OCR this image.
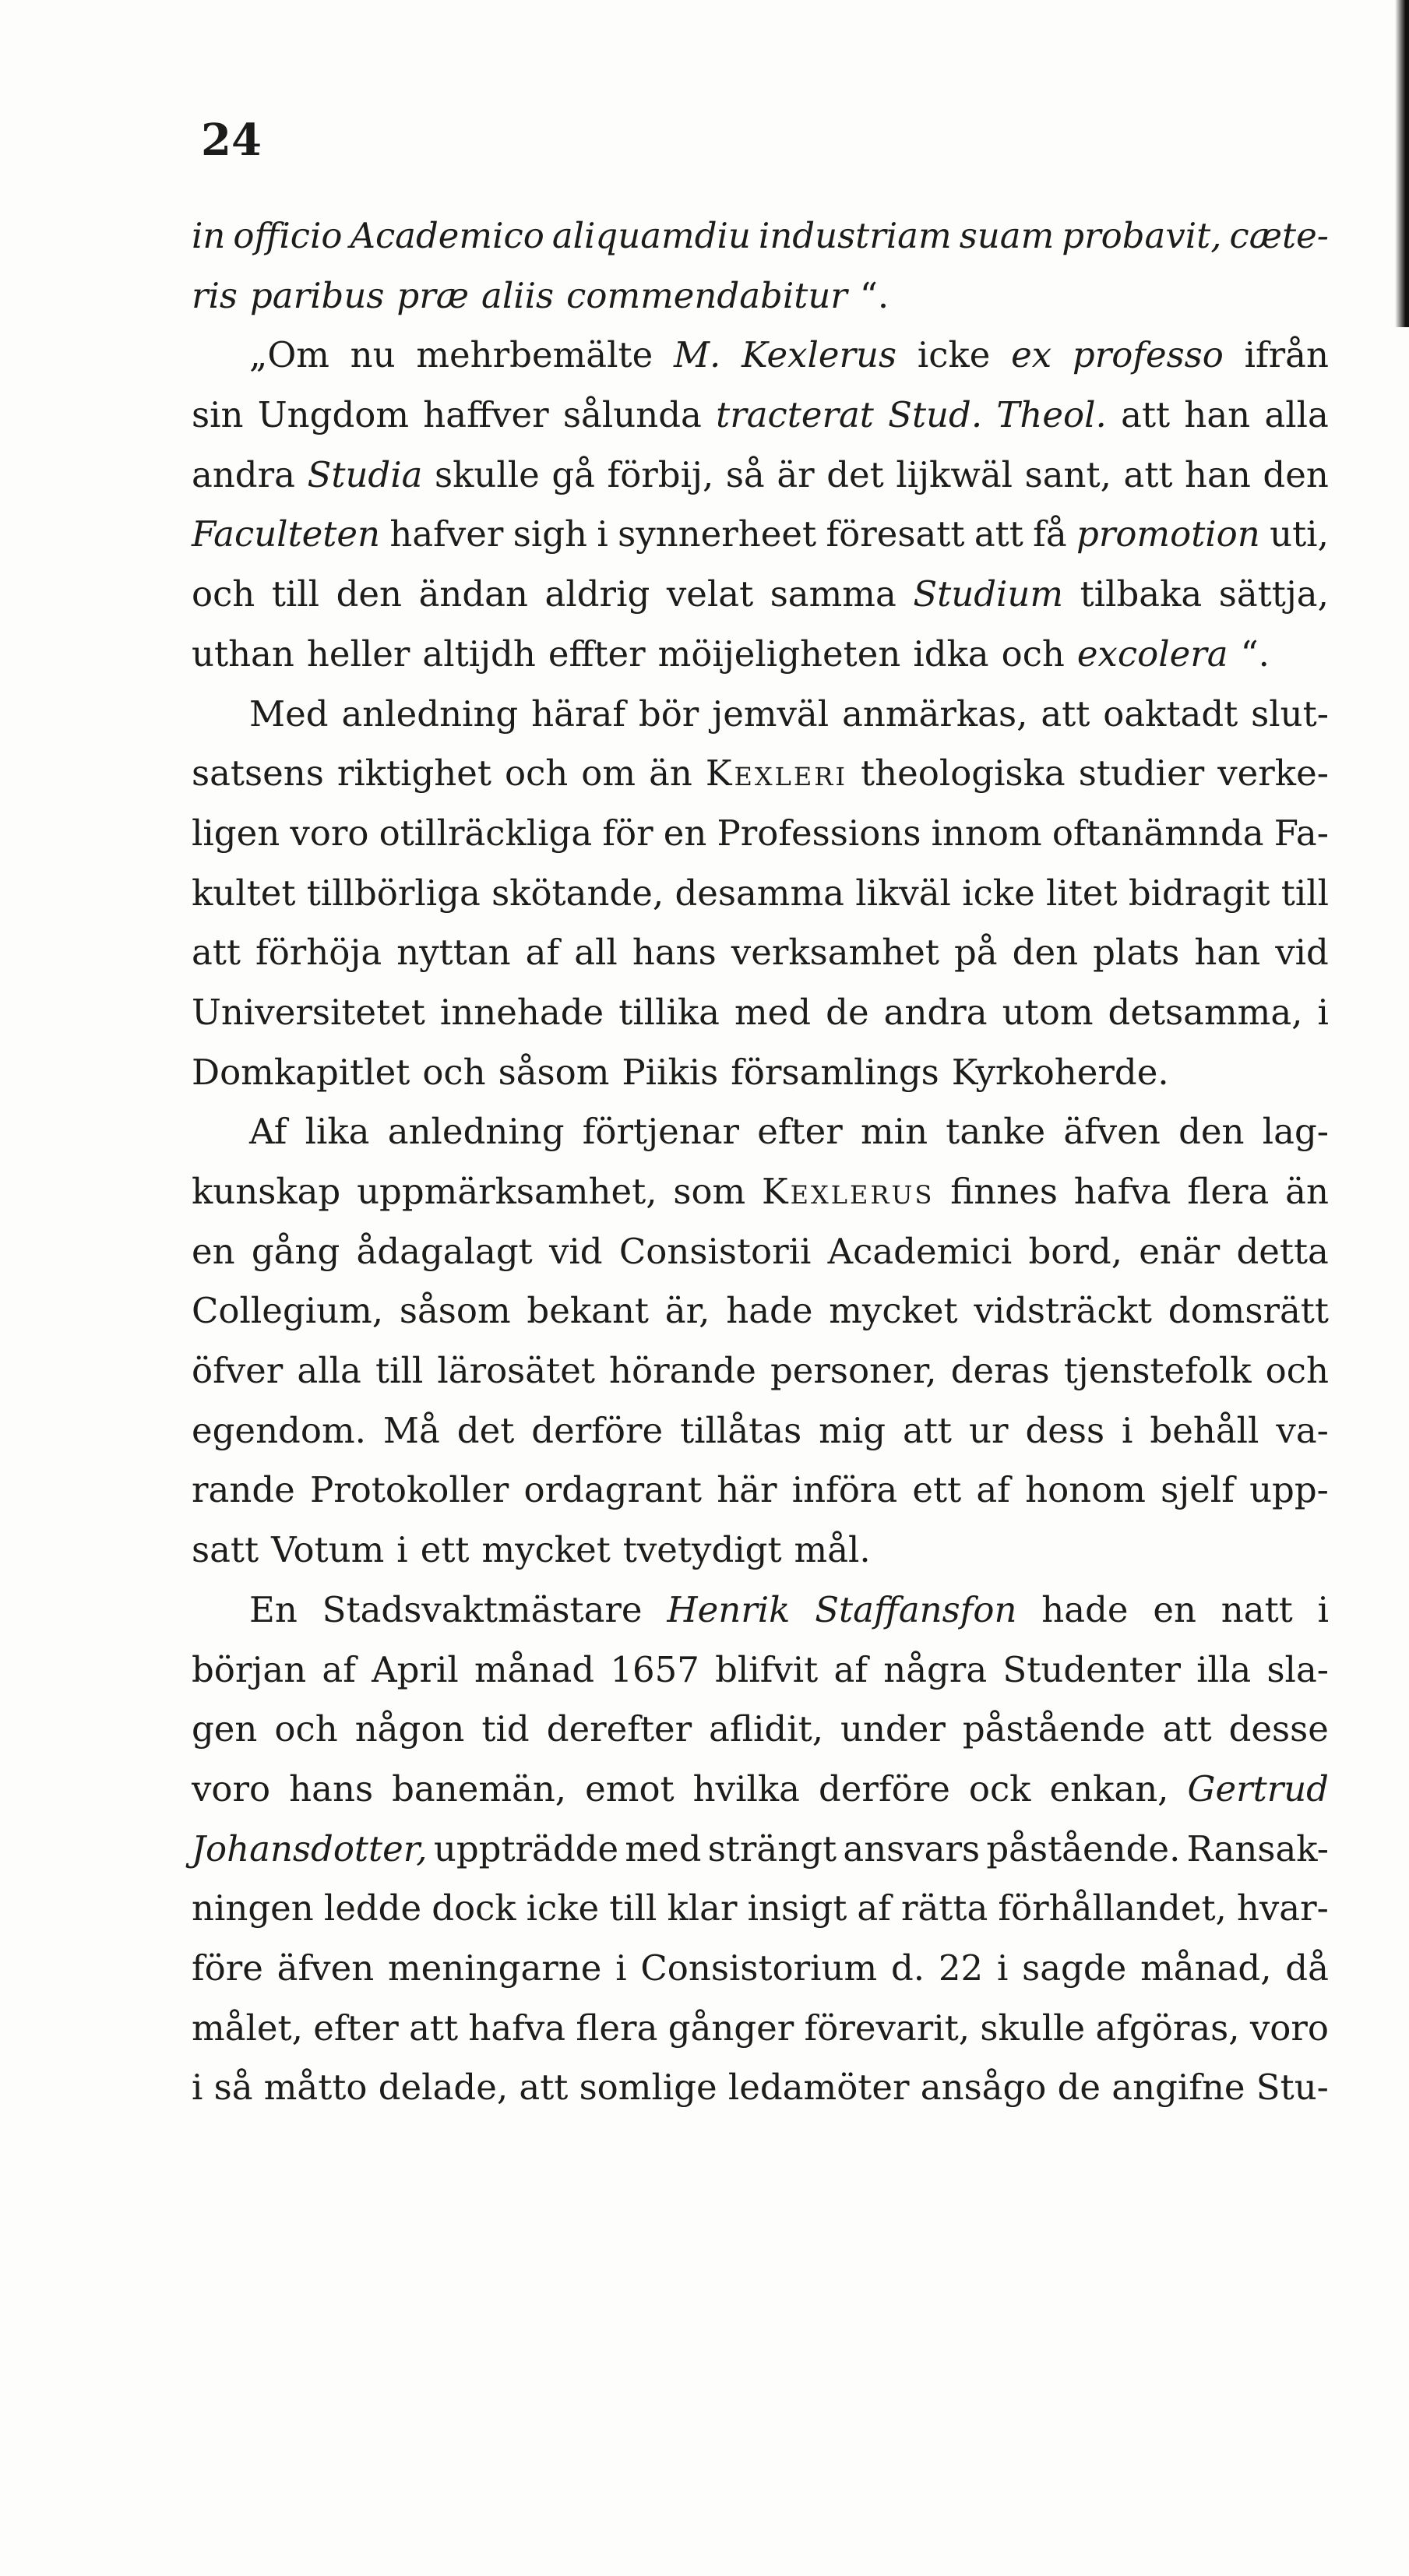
24
in officio Academico aliquamdiu industriam suam probavit, cæte-
ris paribus præ aliis commendabitur “.
„Om nu mehrbemälte M. Kexlerus icke ex professo ifrån
sin Ungdom haffver sålunda tracterat Stud. Theol. att han alla
andra Studia skulle gå förbij, så är det lijkwäl sant, att han den
Faculteten hafver sigh i synnerheet föresatt att få promotion uti,
och till den ändan aldrig velat samma Studium tilbaka sättja,
uthan heller altijdh effter möijeligheten idka och excolera “.
Med anledning häraf bör jemväl anmärkas, att oaktadt slut-
satsens riktighet och om än Kexleri theologiska studier verke-
ligen voro otillräckliga för en Professions innom oftanämnda Fa-
kultet tillbörliga skötande, desamma likväl icke litet bidragit till
att förhöja nyttan af all hans verksamhet på den plats han vid
Universitetet innehade tillika med de andra utom detsamma, i
Domkapitlet och såsom Piikis församlings Kyrkoherde.
Af lika anledning förtjenar efter min tanke äfven den lag-
kunskap uppmärksamhet, som Kexlerus finnes hafva flera än
en gång ådagalagt vid Consistorii Academici bord, enär detta
Collegium, såsom bekant är, hade mycket vidsträckt domsrätt
öfver alla till lärosätet hörande personer, deras tjenstefolk och
egendom. Må det derföre tillåtas mig att ur dess i behåll va-
rande Protokoller ordagrant här införa ett af honom sjelf upp-
satt Votum i ett mycket tvetydigt mål.
En Stadsvaktmästare Henrik Staffansfon hade en natt i
början af April månad 1657 blifvit af några Studenter illa sla-
gen och någon tid derefter aflidit, under påstående att desse
voro hans banemän, emot hvilka derföre ock enkan, Gertrud
Johansdotter, uppträdde med strängt ansvars påstående. Ransak-
ningen ledde dock icke till klar insigt af rätta förhållandet, hvar-
före äfven meningarne i Consistorium d. 22 i sagde månad, då
målet, efter att hafva flera gånger förevarit, skulle afgöras, voro
i så måtto delade, att somlige ledamöter ansågo de angifne Stu-
